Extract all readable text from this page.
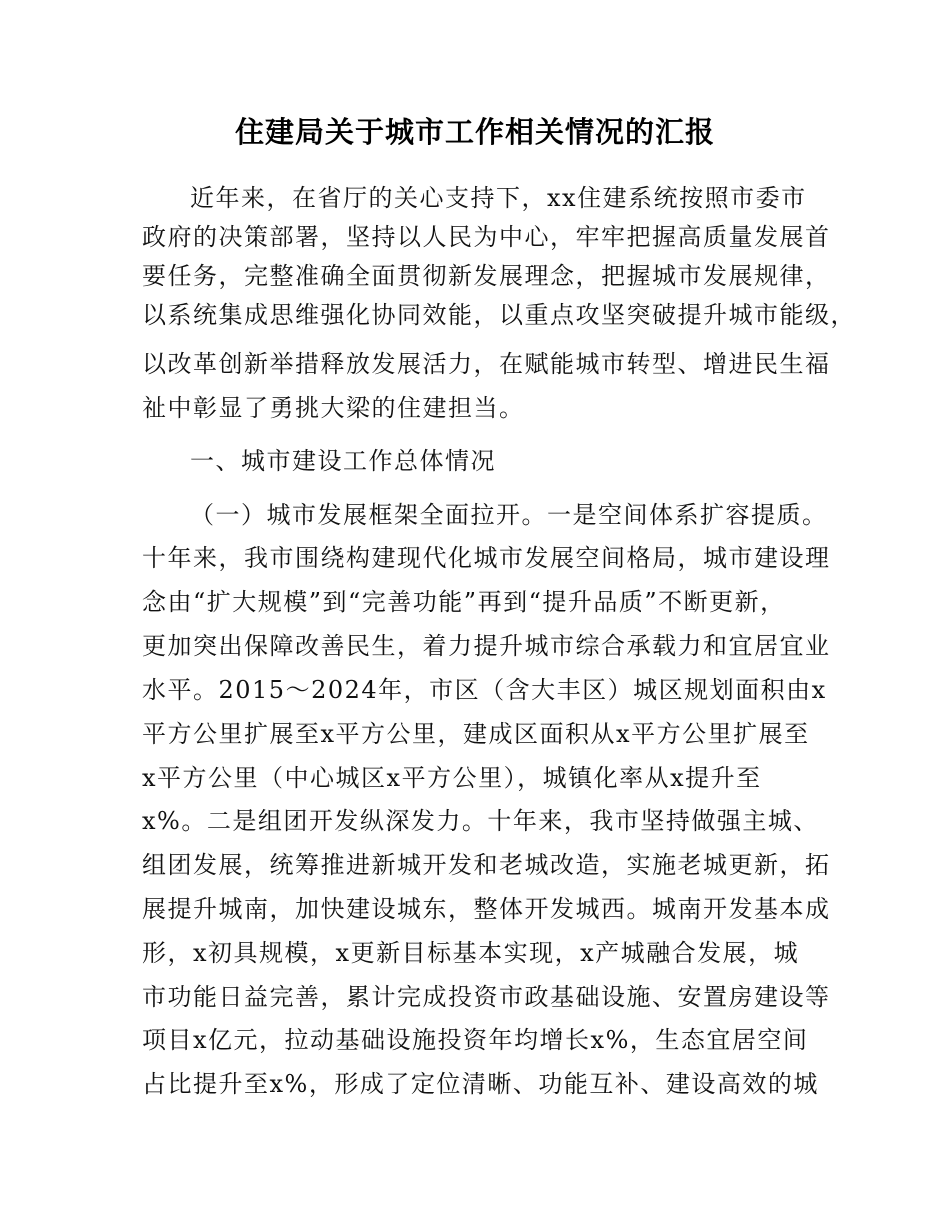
住建局关于城市工作相关情况的汇报

近年来，在省厅的关心支持下，xx住建系统按照市委市

政府的决策部署，坚持以人民为中心，牢牢把握高质量发展首

要任务，完整准确全面贯彻新发展理念，把握城市发展规律，

以系统集成思维强化协同效能，以重点攻坚突破提升城市能级，

以改革创新举措释放发展活力，在赋能城市转型、增进民生福

祉中彰显了勇挑大梁的住建担当。

一、城市建设工作总体情况

（一）城市发展框架全面拉开。一是空间体系扩容提质。

十年来，我市围绕构建现代化城市发展空间格局，城市建设理

念由“扩大规模”到“完善功能”再到“提升品质”不断更新，

更加突出保障改善民生，着力提升城市综合承载力和宜居宜业

水平。2015～2024年，市区（含大丰区）城区规划面积由x

平方公里扩展至x平方公里，建成区面积从x平方公里扩展至

x平方公里（中心城区x平方公里），城镇化率从x提升至

x%。二是组团开发纵深发力。十年来，我市坚持做强主城、

组团发展，统筹推进新城开发和老城改造，实施老城更新，拓

展提升城南，加快建设城东，整体开发城西。城南开发基本成

形，x初具规模，x更新目标基本实现，x产城融合发展，城

市功能日益完善，累计完成投资市政基础设施、安置房建设等

项目x亿元，拉动基础设施投资年均增长x%，生态宜居空间

占比提升至x%，形成了定位清晰、功能互补、建设高效的城
